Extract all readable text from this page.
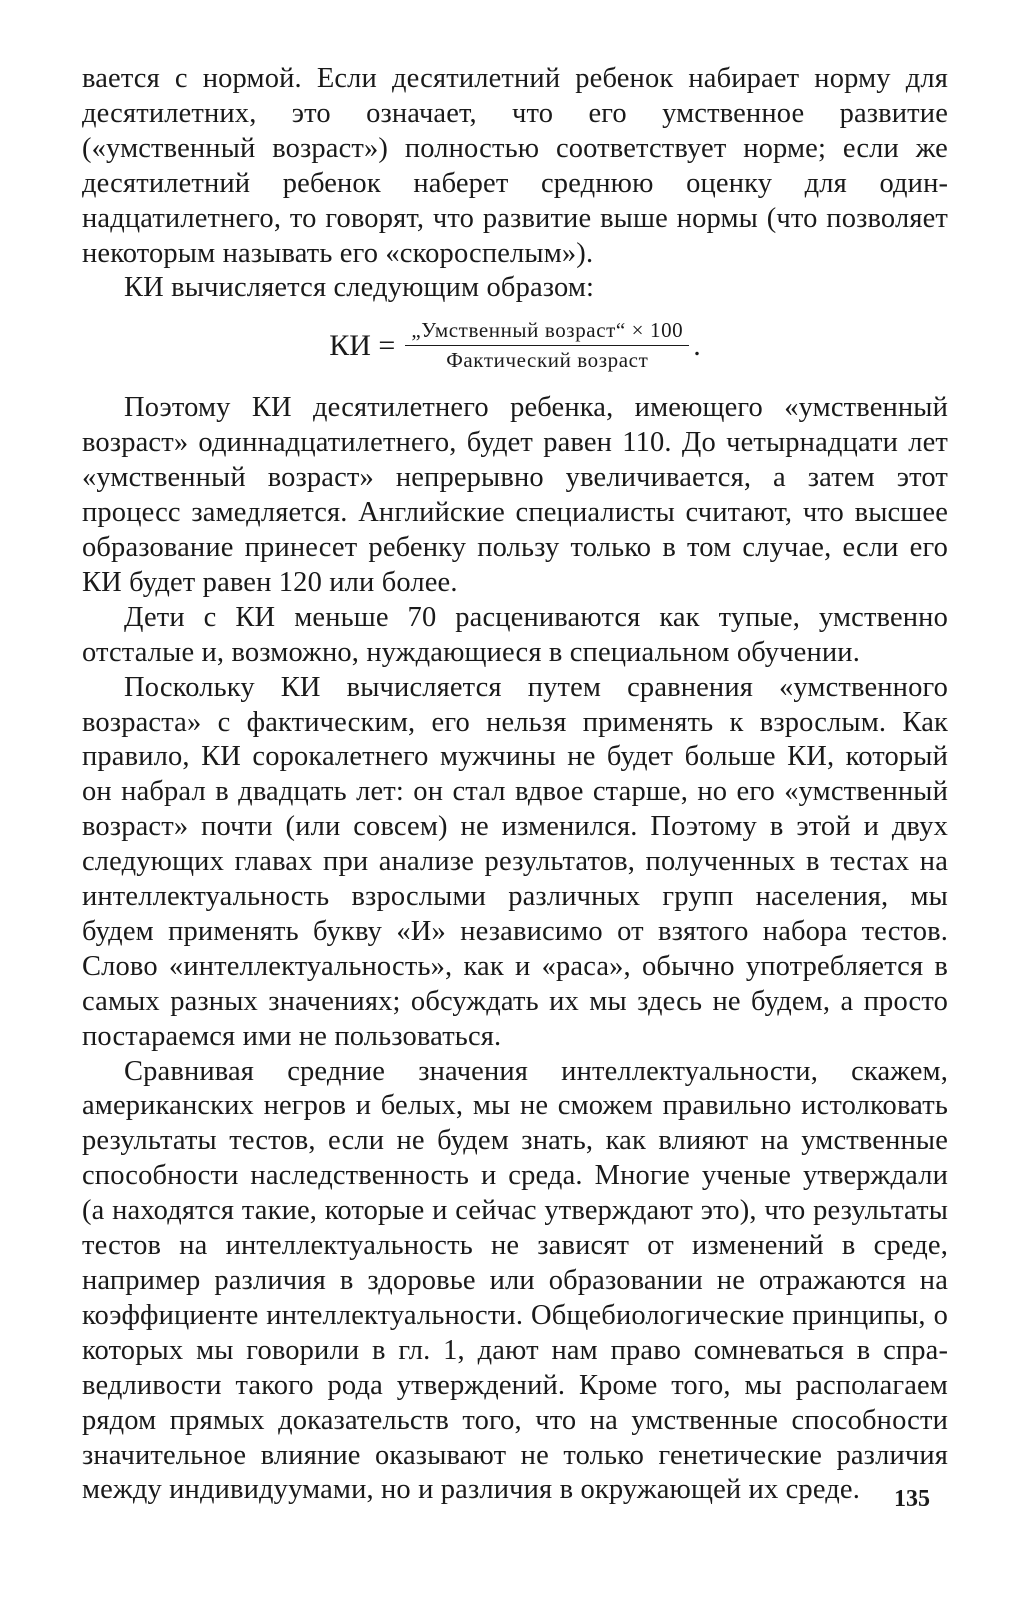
вается с нормой. Если десятилетний ребенок набирает норму для десятилетних, это означает, что его умственное развитие («умственный возраст») полностью соответствует норме; если же десятилетний ребенок наберет среднюю оценку для одиннадцатилетнего, то говорят, что развитие выше нормы (что позволяет некоторым называть его «скороспелым»).

КИ вычисляется следующим образом:

КИ = $\frac{\text{„Умственный возраст“ × 100}}{\text{Фактический возраст}}$ .

Поэтому КИ десятилетнего ребенка, имеющего «умственный возраст» одиннадцатилетнего, будет равен 110. До четырнадцати лет «умственный возраст» непрерывно увеличивается, а затем этот процесс замедляется. Английские специалисты считают, что высшее образование принесет ребенку пользу только в том случае, если его КИ будет равен 120 или более.

Дети с КИ меньше 70 расцениваются как тупые, умственно отсталые и, возможно, нуждающиеся в специальном обучении.

Поскольку КИ вычисляется путем сравнения «умственного возраста» с фактическим, его нельзя применять к взрослым. Как правило, КИ сорокалетнего мужчины не будет больше КИ, который он набрал в двадцать лет: он стал вдвое старше, но его «умственный возраст» почти (или совсем) не изменился. Поэтому в этой и двух следующих главах при анализе результатов, полученных в тестах на интеллектуальность взрослыми различных групп населения, мы будем применять букву «И» независимо от взятого набора тестов. Слово «интеллектуальность», как и «раса», обычно употребляется в самых разных значениях; обсуждать их мы здесь не будем, а просто постараемся ими не пользоваться.

Сравнивая средние значения интеллектуальности, скажем, американских негров и белых, мы не сможем правильно истолковать результаты тестов, если не будем знать, как влияют на умственные способности наследственность и среда. Многие ученые утверждали (а находятся такие, которые и сейчас утверждают это), что результаты тестов на интеллектуальность не зависят от изменений в среде, например различия в здоровье или образовании не отражаются на коэффициенте интеллектуальности. Общебиологические принципы, о которых мы говорили в гл. 1, дают нам право сомневаться в справедливости такого рода утверждений. Кроме того, мы располагаем рядом прямых доказательств того, что на умственные способности значительное влияние оказывают не только генетические различия между индивидуумами, но и различия в окружающей их среде.	135
